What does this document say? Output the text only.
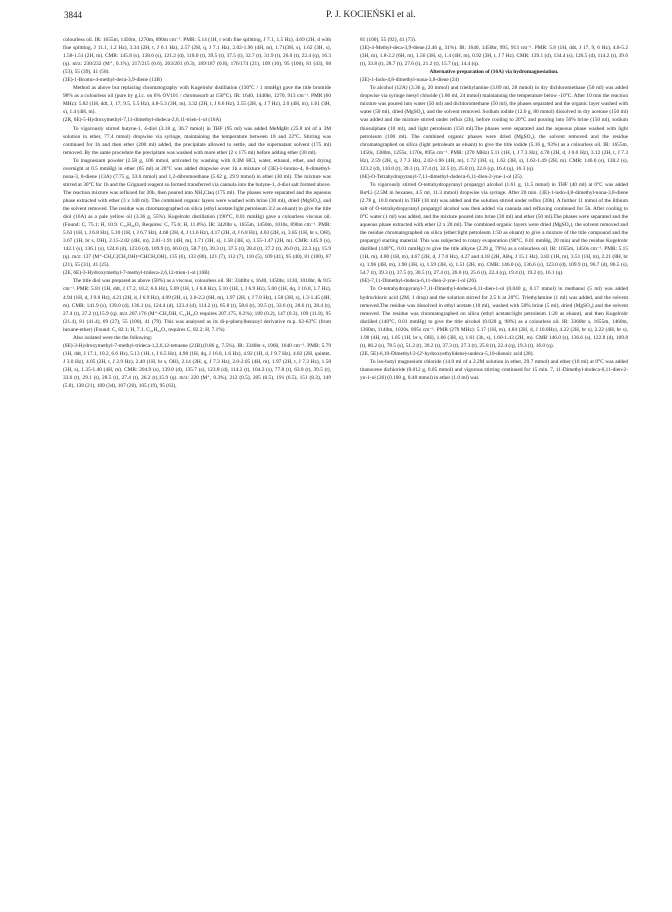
3844	P. J. KOCIEŃSKI et al.

colourless oil. IR: 1655m, 1450m, 1270m, 890m cm⁻¹. PMR: 5.14 (1H, t with fine splitting, J 7.1, 1.5 Hz), 4.69 (2H, d with fine splitting, J 11.1, 1.2 Hz), 3.34 (2H, t, J 6.1 Hz), 2.57 (2H, q, J 7.1 Hz), 2.02-1.96 (4H, m), 1.71(3H, s), 1.62 (3H, s), 1.58-1.51 (2H, m). CMR: 145.8 (s), 138.6 (s), 121.2 (d), 110.0 (t), 39.5 (t), 37.5 (t), 32.7 (t), 31.9 (t), 26.0 (t), 22.4 (q), 16.3 (q). m/z: 230/232 (M⁺, 0.1%), 217/215 (0.6), 203/201 (0.3), 189/187 (0.8), 176/174 (21), 109 (10), 95 (100), 81 (43), 68 (53), 55 (39), 41 (58).

(3E)-1-Bromo-4-methyl-deca-3,9-diene (13B)

Method as above but replacing chromatography with Kugelrohr distillation (130°C / 1 mmHg) gave the title bromide 98% as a colourless oil (pure by g.l.c. on 6% OV101 / chromosorb at 150°C). IR: 1640, 1440br, 1270, 913 cm⁻¹. PMR (60 MHz): 5.82 (1H, ddt, J, 17, 9.5, 5.5 Hz), 4.8-5.3 (3H, m), 3.32 (2H, t, J 6.6 Hz), 2.55 (2H, q, J 7 Hz), 2.0 (4H, m), 1.61 (3H, s), 1.4 (4H, m).

(2R, 6E)-5-Hydroxymethyl-7,11-dimethyl-dodeca-2,6,11-trien-1-ol (16A)

To vigorously stirred butyne-1, 4-diol (3.18 g, 36.7 mmol) in THF (95 ml) was added MeMgBr (25.8 ml of a 3M solution in ether, 77.4 mmol) dropwise via syringe, maintaining the temperature between 18 and 22°C. Stirring was continued for 1h and then ether (200 ml) added, the precipitate allowed to settle, and the supernatant solvent (175 ml) removed. By the same procedure the precipitate was washed with more ether (2 x 175 ml) before adding ether (30 ml).

To magnesium powder (2.58 g, 106 mmol, activated by washing with 0.3M HCl, water, ethanol, ether, and drying overnight at 0.5 mmHg) in ether (65 ml) at 20°C was added dropwise over 1h a mixture of (3E)-1-bromo-4, 8-dimethyl-nona-3, 8-diene (13A) (7.75 g, 33.6 mmol) and 1,2-dibromoethane (5.62 g, 29.9 mmol) in ether (30 ml). The mixture was stirred at 30°C for 1h and the Grignard reagent so formed transferred via cannula into the butyne-1, 4-diol salt formed above. The reaction mixture was refluxed for 20h, then poured into NH₄Claq (175 ml). The phases were separated and the aqueous phase extracted with ether (3 x 140 ml). The combined organic layers were washed with brine (30 ml), dried (MgSO₄), and the solvent removed. The residue was chromatographed on silica (ethyl acetate:light petroleum 3:2 as eluant) to give the title diol (16A) as a pale yellow oil (3.36 g, 55%). Kugelrohr distillation (190°C, 0.01 mmHg) gave a colourless viscous oil. (Found: C, 75.1; H, 10.9. C₁₅H₂₆O₂ Requires: C, 75.6; H, 11.0%). IR: 3420br s, 1655m, 1450m, 1010s, 890m cm⁻¹. PMR: 5.63 (1H, t, J 6.8 Hz), 5.10 (1H, t, J 6.7 Hz), 4.68 (2H, d, J 11.6 Hz), 4.17 (2H, d, J 6.8 Hz), 4.03 (2H, s), 3.85 (1H, br s, OH), 3.67 (1H, br s, OH), 2.15-2.02 (4H, m), 2.01-1.91 (4H, m), 1.71 (3H, s), 1.58 (3H, s), 1.55-1.47 (2H, m). CMR: 145.9 (s), 142.1 (s), 136.1 (s), 124.6 (d), 123.6 (d), 109.9 (t), 66.0 (t), 58.7 (t), 39.3 (t), 37.5 (t), 28.4 (t), 27.2 (t), 26.0 (t), 22.3 (q), 15.9 (q). m/z: 137 (M⁺-CH₂C(CH₂OH)=CHCH₂OH), 135 (6), 133 (80), 121 (7), 112 (7), 110 (5), 109 (41), 95 (40), 81 (100), 67 (21), 55 (31), 41 (25).

(2E, 6E)-3-Hydroxymethyl-7-methyl-trideca-2,6,12-trien-1-ol (16B)

The title diol was prepared as above (58%) as a viscous, colourless oil. IR: 3340br s, 1640, 1450br, 1130, 1010br, & 915 cm⁻¹. PMR: 5.81 (1H, ddt, J 17.2, 10.2, 6.6 Hz), 5.69 (1H, t, J 6.8 Hz), 5.10 (1H, t, J 6.9 Hz), 5.00 (1H, dq, J 16.8, 1.7 Hz), 4.94 (1H, d, J 9.8 Hz), 4.21 (2H, d, J 6.9 Hz), 4.09 (2H, s), 2.0-2.2 (6H, m), 1.97 (2H, t, J 7.0 Hz), 1.58 (3H, s), 1.3-1.45 (4H, m). CMR: 141.9 (s), 139.0 (d), 136.1 (s), 124.4 (d), 123.4 (d), 114.2 (t), 65.8 (t), 58.6 (t), 39.5 (t), 33.6 (t), 28.6 (t), 28.4 (t), 27.4 (t), 27.2 (t),15.9 (q). m/z 207.176 (M⁺-CH₂OH, C₁₄H₂₃O requires 207.175, 0.2%), 189 (0.2), 147 (0.3), 109 (11.8), 95 (21.4), 81 (41.4), 69 (27), 55 (100), 41 (79). This was analysed as its di-p-phenylbenzoyl derivative m.p. 62-63°C (from hexane-ether) (Found: C, 82.1; H, 7.1. C₄₁H₄₂O₄ requires C, 82.2; H, 7.1%)

Also isolated were the the following:

(6E)-3-Hydroxymethyl-7-methyl-trideca-1,2,6,12-tetraene (21B).(0.86 g, 7.5%). IR: 3340br s, 1960, 1640 cm⁻¹. PMR: 5.79 (1H, ddt, J 17.1, 10.2, 6.6 Hz), 5.13 (1H, t, J 6.5 Hz), 4.98 (1H, dq, J 16.8, 1.6 Hz), 4.92 (1H, d, J 9.7 Hz), 4.83 (2H, quintet, J 3.0 Hz), 4.05 (2H, t, J 2.9 Hz), 2.40 (1H, br s, OH), 2.14 (2H, q, J 7.3 Hz), 2.0-2.05 (4H, m), 1.97 (2H, t, J 7.3 Hz), 1.58 (3H, s), 1.35-1.40 (4H, m). CMR: 204.9 (s), 139.0 (d), 135.7 (s), 123.8 (d), 114.2 (t), 104.3 (s), 77.8 (t), 63.0 (t), 39.5 (t), 33.6 (t), 29.1 (t), 28.5 (t), 27.4 (t), 26.2 (t),15.9 (q). m/z: 220 (M⁺, 0.3%), 212 (0.5), 205 (0.5), 191 (6.5), 151 (8.3), 149 (5.8), 138 (21), 109 (34), 107 (20), 105 (19), 95 (63),

81 (100), 55 (92), 41 (73).

(3E)-4-Methyl-deca-3,9-diene.(2.46 g, 31%). IR: 1640, 1450br, 995, 913 cm⁻¹. PMR: 5.8 (1H, ddt, J 17, 9, 6 Hz), 4.8-5.2 (3H, m), 1.8-2.2 (6H, m), 1.56 (3H, s), 1.4 (4H, m), 0.92 (3H, t, J 7 Hz). CMR: 139.1 (d), 134.4 (s), 126.5 (d), 114.2 (t), 39.6 (t), 33.8 (t), 28.7 (t), 27.6 (t), 21.2 (t), 15.7 (q), 14.4 (q).

Alternative preparation of (16A) via hydromagnesiation.

(3E)-1-Iodo-4,8-dimethyl-nona-3,8-diene (24)

To alcohol (12A) (3.36 g, 20 mmol) and triethylamine (3.89 ml, 28 mmol) in dry dichloromethane (50 ml) was added dropwise via syringe mesyl chloride (1.86 ml, 24 mmol) maintaining the temperature below -10°C. After 10 min the reaction mixture was poured into water (50 ml) and dichloromethane (50 ml), the phases separated and the organic layer washed with water (50 ml), dried (MgSO₄), and the solvent removed. Sodium iodide (12.0 g, 80 mmol) dissolved in dry acetone (150 ml) was added and the mixture stirred under reflux (2h), before cooling to 20°C and pouring into 50% brine (150 ml), sodium thiosulphate (10 ml), and light petroleum (150 ml).The phases were separated and the aqueous phase washed with light petroleum (100 ml). The combined organic phases were dried (MgSO₄), the solvent removed and the residue chromatographed on silica (light petroleum as eluant) to give the title iodide (5.16 g, 93%) as a colourless oil. IR: 1655m, 1450s, 1380m, 1255s, 1170s, 895s cm⁻¹. PMR: (270 MHz) 5.11 (1H, t, J 7.3 Hz), 4.70 (2H, d, J 6.0 Hz), 3.12 (2H, t, J 7.3 Hz), 2.59 (2H, q, J 7.3 Hz), 2.02-1.96 (4H, m), 1.72 (3H, s), 1.62 (3H, s), 1.62-1.49 (2H, m). CMR: 146.0 (s), 138.2 (s), 123.2 (d), 110.0 (t), 39.3 (t), 37.4 (t), 32.5 (t), 25.8 (t), 22.6 (q), 16.4 (q), 16.3 (q).

(6E)-O-Tetrahydropyranyl-7,11-dimethyl-dodeca-6,11-dien-2-yne-1-ol (25).

To vigorously stirred O-tetrahydropyranyl propargyl alcohol (1.61 g, 11.5 mmol) in THF (40 ml) at 0°C was added BuⁿLi (2.5M in hexanes, 4.5 ml, 11.3 mmol) dropwise via syringe. After 20 min. (3E)-1-iodo-4,8-dimethyl-nona-3,8-diene (2.78 g, 10.0 mmol) in THF (10 ml) was added and the solution stirred under reflux (20h). A further 11 mmol of the lithium salt of O-tetrahydropyranyl propargyl alcohol was then added via cannula and refluxing continued for 5h. After cooling to 0°C water (1 ml) was added, and the mixture poured into brine (30 ml) and ether (50 ml).The phases were separated and the aqueous phase extracted with ether (2 x 20 ml). The combined organic layers were dried (MgSO₄), the solvent removed and the residue chromatographed on silica (ether:light petroleum 1:50 as eluant) to give a mixture of the title compound and the propargyl starting material. This was subjected to rotary evaporation (90°C, 0.01 mmHg, 20 min) and the residue Kugelrohr distilled (140°C, 0.01 mmHg) to give the title alkyne (2.29 g, 79%) as a colourless oil. IR: 1655m, 1450s cm⁻¹. PMR: 5.15 (1H, m), 4.80 (1H, m), 4.67 (2H, d, J 7.0 Hz), 4.27 and 4.18 (2H, ABq, J 15.1 Hz), 3.82 (1H, m), 3.51 (1H, m), 2.21 (8H, br s), 1.96 (4H, m), 1.90 (3H, s), 1.59 (3H, s), 1.51 (2H, m). CMR: 146.0 (s), 136.6 (s), 123.0 (d), 109.9 (t), 96.7 (d), 86.5 (s), 54.7 (t), 39.3 (t), 37.5 (t), 30.5 (t), 27.4 (t), 26.0 (t), 25.6 (t), 22.4 (q), 19.4 (t), 19.2 (t), 16.1 (q).

(6E)-7,11-Dimethyl-dodeca-6,11-dien-2-yne-1-ol (26).

To O-tetrahydropyranyl-7,11-Dimethyl-dodeca-6,11-dien-1-ol (0.040 g, 0.17 mmol) in methanol (5 ml) was added hydrochloric acid (2M, 1 drop) and the solution stirred for 2.5 h at 20°C. Triethylamine (1 ml) was added, and the solvent removed.The residue was dissolved in ethyl acetate (10 ml), washed with 50% brine (5 ml), dried (MgSO₄) and the solvent removed. The residue was chromatographed on silica (ethyl acetate:light petroleum 1:20 as eluant), and then Kugelrohr distilled (140°C, 0.01 mmHg) to give the title alcohol (0.028 g, 98%) as a colourless oil. IR: 3360br s, 1655m, 1460m, 1360m, 1140m, 1020s, 895s cm⁻¹. PMR (270 MHz): 5.17 (1H, m), 4.84 (2H, d, J 10.0Hz), 4.22 (2H, br s), 2.22 (4H, br s), 1.98 (4H, m), 1.85 (1H, br s, OH), 1.66 (3H, s), 1.61 (3h, s), 1.60-1.43 (2H, m). CMR 146.0 (s), 136.6 (s), 122.8 (d), 109.8 (t), 86.2 (s), 78.5 (s), 51.2 (t), 39.2 (t), 37.3 (t), 27.3 (t), 25.8 (t), 22.4 (q), 19.3 (t), 16.0 (q).

(2E, 5E)-6,10-Dimethyl-2-(2'-hydroxyethylidene)-undeca-5,10-dienoic acid (28).

To iso-butyl magnesium chloride (14.0 ml of a 2.2M solution in ether, 29.7 mmol) and ether (10 ml) at 0°C was added titanocene dichloride (0.012 g, 0.05 mmol) and vigorous stirring continued for 15 min. 7, 11-Dimethyl-dodeca-6,11-dien-2-yn-1-ol (26) (0.100 g, 0.48 mmol) in ether (1.0 ml) was
